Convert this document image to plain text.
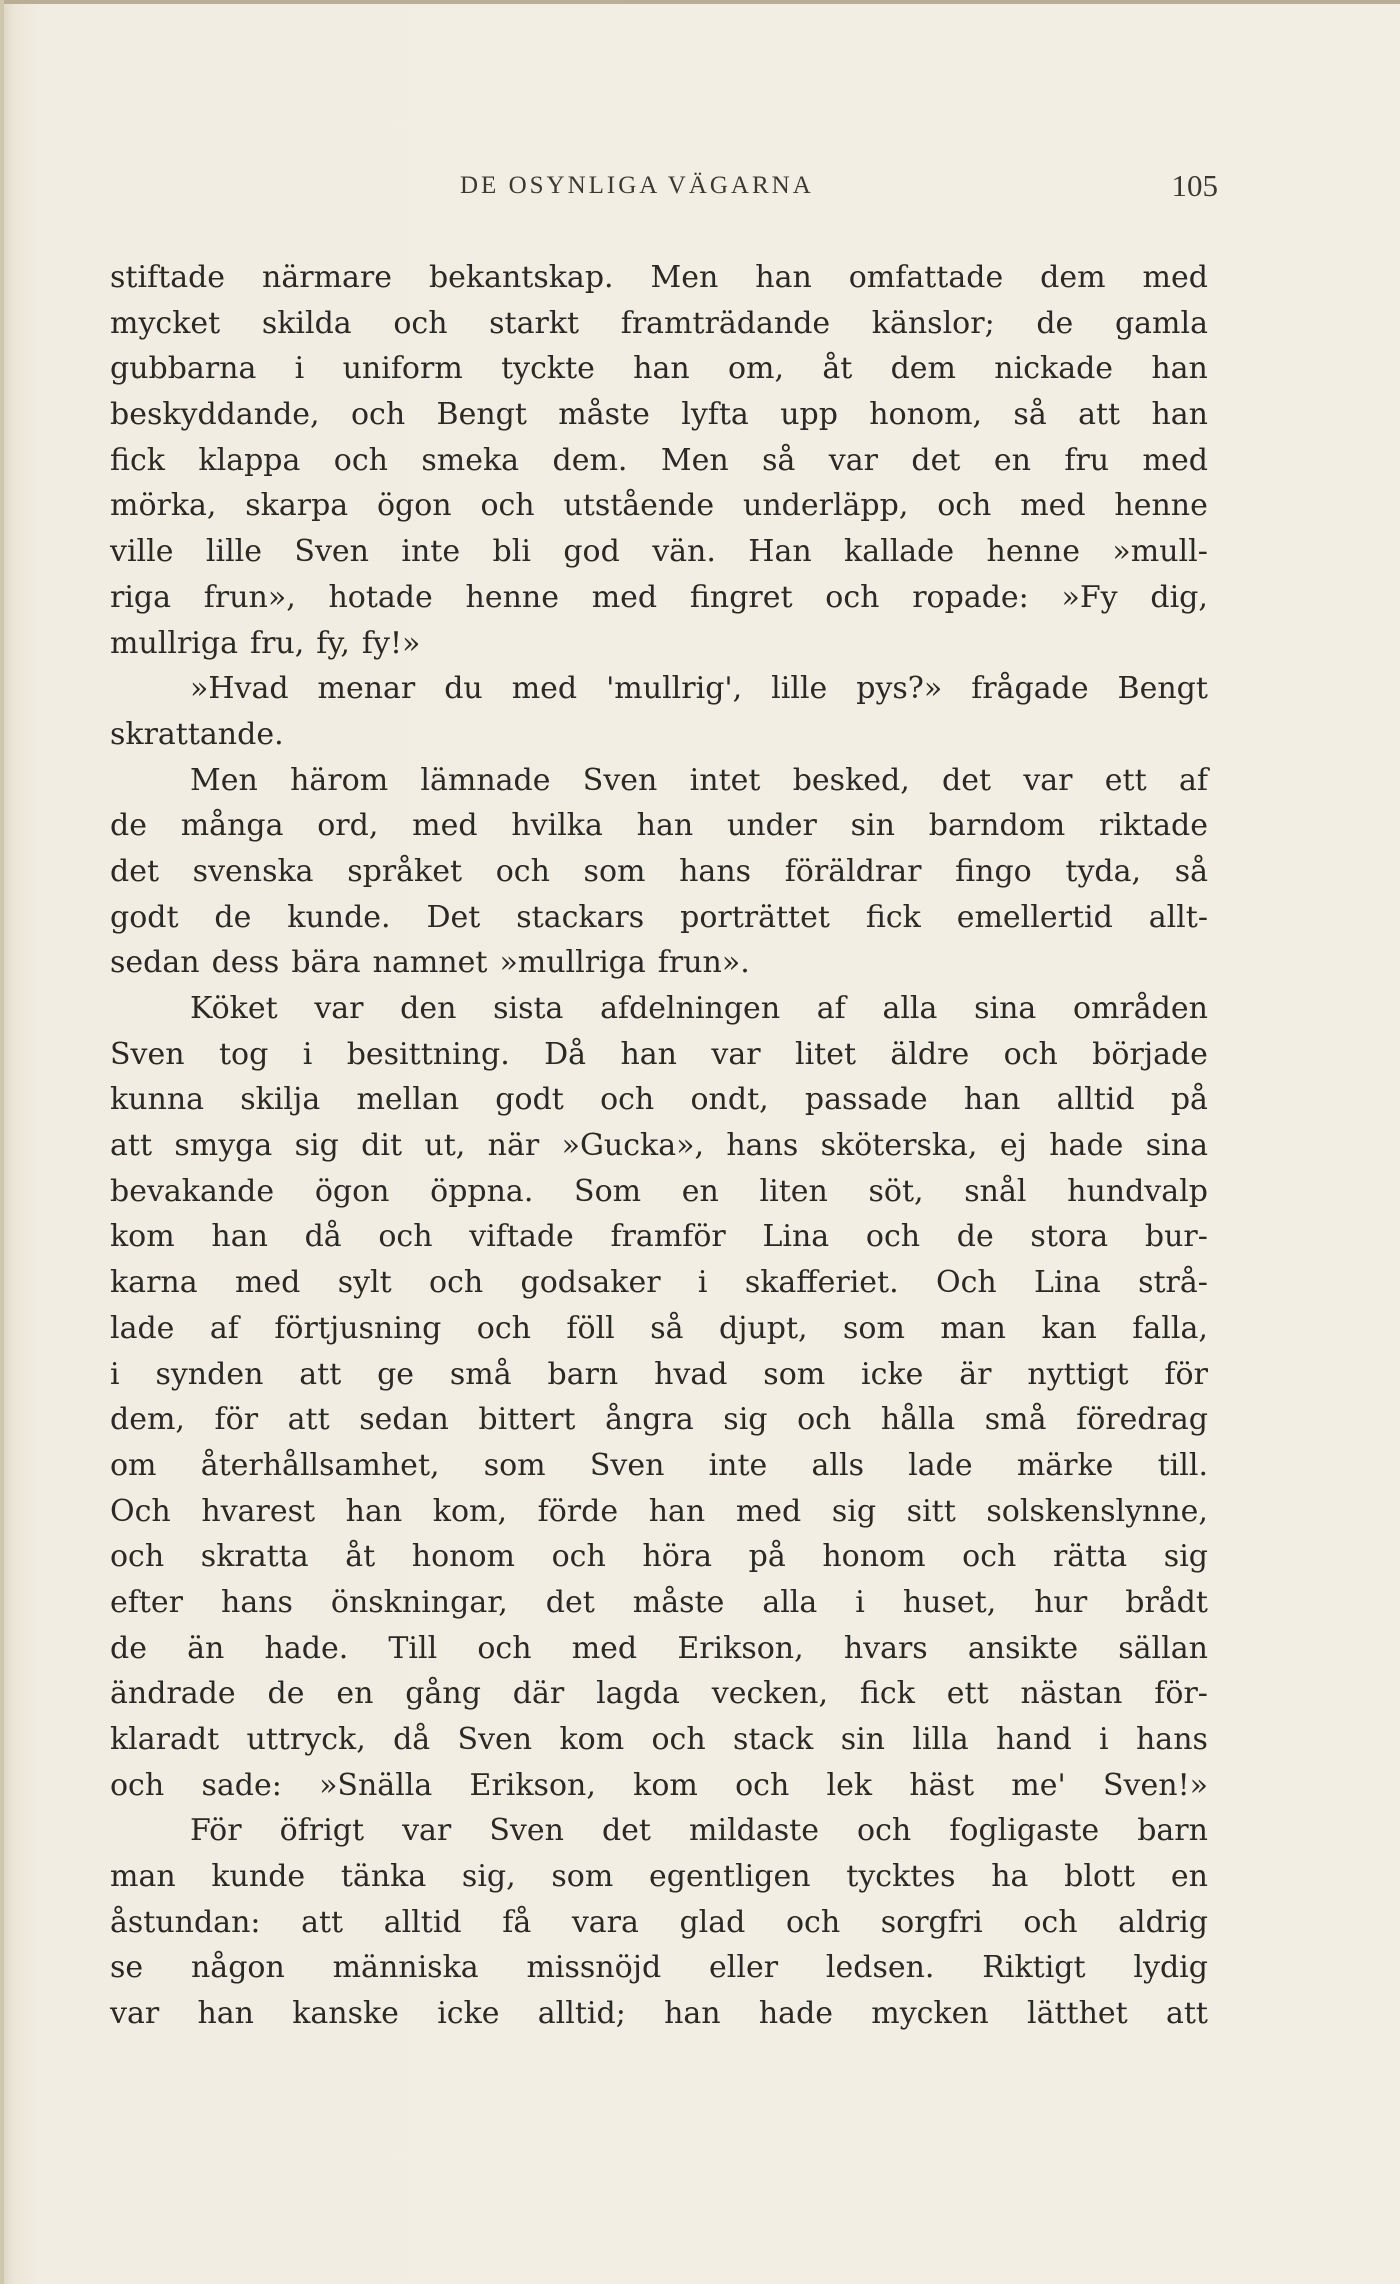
DE OSYNLIGA VÄGARNA	105
stiftade närmare bekantskap. Men han omfattade dem med
mycket skilda och starkt framträdande känslor; de gamla
gubbarna i uniform tyckte han om, åt dem nickade han
beskyddande, och Bengt måste lyfta upp honom, så att han
fick klappa och smeka dem. Men så var det en fru med
mörka, skarpa ögon och utstående underläpp, och med henne
ville lille Sven inte bli god vän. Han kallade henne »mull-
riga frun», hotade henne med fingret och ropade: »Fy dig,
mullriga fru, fy, fy!»
»Hvad menar du med 'mullrig', lille pys?» frågade Bengt
skrattande.
Men härom lämnade Sven intet besked, det var ett af
de många ord, med hvilka han under sin barndom riktade
det svenska språket och som hans föräldrar fingo tyda, så
godt de kunde. Det stackars porträttet fick emellertid allt-
sedan dess bära namnet »mullriga frun».
Köket var den sista afdelningen af alla sina områden
Sven tog i besittning. Då han var litet äldre och började
kunna skilja mellan godt och ondt, passade han alltid på
att smyga sig dit ut, när »Gucka», hans sköterska, ej hade sina
bevakande ögon öppna. Som en liten söt, snål hundvalp
kom han då och viftade framför Lina och de stora bur-
karna med sylt och godsaker i skafferiet. Och Lina strå-
lade af förtjusning och föll så djupt, som man kan falla,
i synden att ge små barn hvad som icke är nyttigt för
dem, för att sedan bittert ångra sig och hålla små föredrag
om återhållsamhet, som Sven inte alls lade märke till.
Och hvarest han kom, förde han med sig sitt solskenslynne,
och skratta åt honom och höra på honom och rätta sig
efter hans önskningar, det måste alla i huset, hur brådt
de än hade. Till och med Erikson, hvars ansikte sällan
ändrade de en gång där lagda vecken, fick ett nästan för-
klaradt uttryck, då Sven kom och stack sin lilla hand i hans
och sade: »Snälla Erikson, kom och lek häst me' Sven!»
För öfrigt var Sven det mildaste och fogligaste barn
man kunde tänka sig, som egentligen tycktes ha blott en
åstundan: att alltid få vara glad och sorgfri och aldrig
se någon människa missnöjd eller ledsen. Riktigt lydig
var han kanske icke alltid; han hade mycken lätthet att
